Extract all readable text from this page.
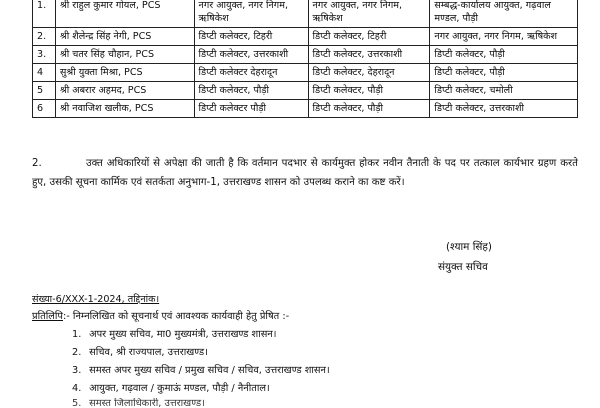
1.	श्री राहुल कुमार गोयल, PCS	नगर आयुक्त, नगर निगम, ऋषिकेश	नगर आयुक्त, नगर निगम, ऋषिकेश	सम्बद्ध-कार्यालय आयुक्त, गढ़वाल मण्डल, पौड़ी
2.	श्री शैलेन्द्र सिंह नेगी, PCS	डिप्टी कलेक्टर, टिहरी	डिप्टी कलेक्टर, टिहरी	नगर आयुक्त, नगर निगम, ऋषिकेश
3.	श्री चतर सिंह चौहान, PCS	डिप्टी कलेक्टर, उत्तरकाशी	डिप्टी कलेक्टर, उत्तरकाशी	डिप्टी कलेक्टर, पौड़ी
4	सुश्री युक्ता मिश्रा, PCS	डिप्टी कलेक्टर देहरादून	डिप्टी कलेक्टर, देहरादून	डिप्टी कलेक्टर, पौड़ी
5	श्री अबरार अहमद, PCS	डिप्टी कलेक्टर, पौड़ी	डिप्टी कलेक्टर, पौड़ी	डिप्टी कलेक्टर, चमोली
6	श्री नवाजिश खलीक, PCS	डिप्टी कलेक्टर पौड़ी	डिप्टी कलेक्टर, पौड़ी	डिप्टी कलेक्टर, उत्तरकाशी
2.	उक्त अधिकारियों से अपेक्षा की जाती है कि वर्तमान पदभार से कार्यमुक्त होकर नवीन तैनाती के पद पर तत्काल कार्यभार ग्रहण करते हुए, उसकी सूचना कार्मिक एवं सतर्कता अनुभाग-1, उत्तराखण्ड शासन को उपलब्ध कराने का कष्ट करें।
(श्याम सिंह)
संयुक्त सचिव
संख्या-6/XXX-1-2024, तद्दिनांक।
प्रतिलिपि:- निम्नलिखित को सूचनार्थ एवं आवश्यक कार्यवाही हेतु प्रेषित :-
1. अपर मुख्य सचिव, मा0 मुख्यमंत्री, उत्तराखण्ड शासन।
2. सचिव, श्री राज्यपाल, उत्तराखण्ड।
3. समस्त अपर मुख्य सचिव / प्रमुख सचिव / सचिव, उत्तराखण्ड शासन।
4. आयुक्त, गढ़वाल / कुमाऊं मण्डल, पौड़ी / नैनीताल।
5. समस्त जिलाधिकारी, उत्तराखण्ड।
